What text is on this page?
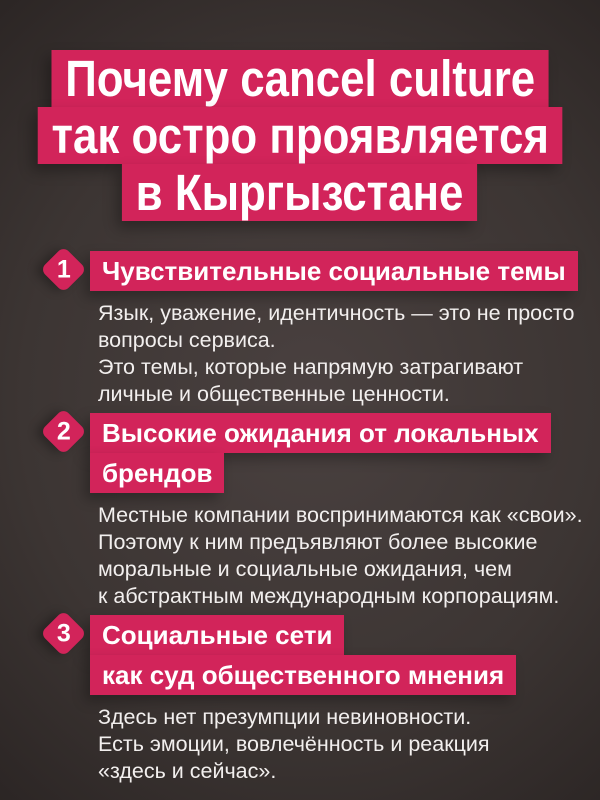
Почему cancel culture
так остро проявляется
в Кыргызстане
1	Чувствительные социальные темы
Язык, уважение, идентичность — это не просто
вопросы сервиса.
Это темы, которые напрямую затрагивают
личные и общественные ценности.
2	Высокие ожидания от локальных
брендов
Местные компании воспринимаются как «свои».
Поэтому к ним предъявляют более высокие
моральные и социальные ожидания, чем
к абстрактным международным корпорациям.
3	Социальные сети
как суд общественного мнения
Здесь нет презумпции невиновности.
Есть эмоции, вовлечённость и реакция
«здесь и сейчас».
